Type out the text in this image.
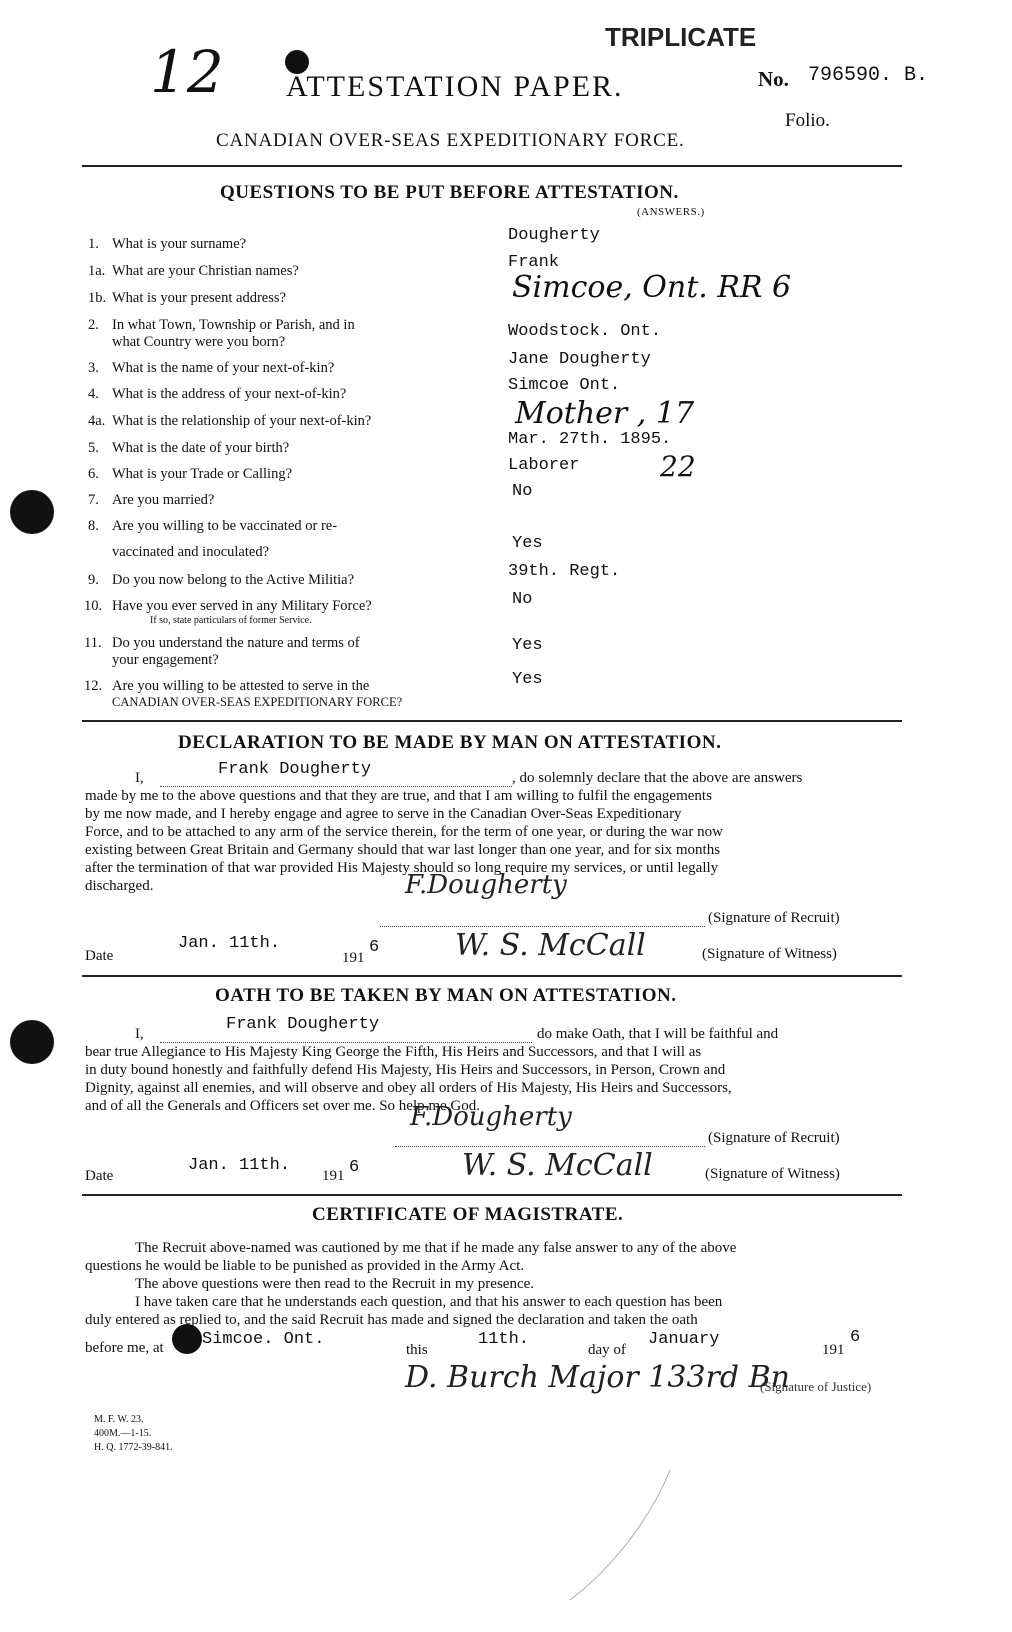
12
TRIPLICATE
ATTESTATION PAPER.	No. 796590. B.
Folio.
CANADIAN OVER-SEAS EXPEDITIONARY FORCE.
QUESTIONS TO BE PUT BEFORE ATTESTATION.
(ANSWERS.)
1. What is your surname?	Dougherty
1a. What are your Christian names?	Frank
1b. What is your present address?	Simcoe, Ont. RR 6
2. In what Town, Township or Parish, and in
what Country were you born?
Woodstock. Ont.
3. What is the name of your next-of-kin?	Jane Dougherty
4. What is the address of your next-of-kin?	Simcoe Ont.
4a. What is the relationship of your next-of-kin?	Mother , 17
5. What is the date of your birth?	Mar. 27th. 1895.
6. What is your Trade or Calling?	Laborer	22
7. Are you married?	No
8. Are you willing to be vaccinated or re-
vaccinated and inoculated?	Yes
9. Do you now belong to the Active Militia?	39th. Regt.
10. Have you ever served in any Military Force?
If so, state particulars of former Service.
No
11. Do you understand the nature and terms of
your engagement?
Yes
12. Are you willing to be attested to serve in the
CANADIAN OVER-SEAS EXPEDITIONARY FORCE?
Yes
DECLARATION TO BE MADE BY MAN ON ATTESTATION.
I,	Frank Dougherty	, do solemnly declare that the above are answers
made by me to the above questions and that they are true, and that I am willing to fulfil the engagements
by me now made, and I hereby engage and agree to serve in the Canadian Over-Seas Expeditionary
Force, and to be attached to any arm of the service therein, for the term of one year, or during the war now
existing between Great Britain and Germany should that war last longer than one year, and for six months
after the termination of that war provided His Majesty should so long require my services, or until legally
discharged.	F.Dougherty
(Signature of Recruit)
Date
Jan. 11th.
191
6	W. S. McCall	(Signature of Witness)
OATH TO BE TAKEN BY MAN ON ATTESTATION.
I,	Frank Dougherty	do make Oath, that I will be faithful and
bear true Allegiance to His Majesty King George the Fifth, His Heirs and Successors, and that I will as
in duty bound honestly and faithfully defend His Majesty, His Heirs and Successors, in Person, Crown and
Dignity, against all enemies, and will observe and obey all orders of His Majesty, His Heirs and Successors,
and of all the Generals and Officers set over me. So help me God.
F.Dougherty
(Signature of Recruit)
Date
Jan. 11th.
191 6	W. S. McCall	(Signature of Witness)
CERTIFICATE OF MAGISTRATE.
The Recruit above-named was cautioned by me that if he made any false answer to any of the above
questions he would be liable to be punished as provided in the Army Act.
The above questions were then read to the Recruit in my presence.
I have taken care that he understands each question, and that his answer to each question has been
duly entered as replied to, and the said Recruit has made and signed the declaration and taken the oath
before me, at Simcoe. Ont.
this
11th.
day of
January
191
6
D. Burch Major 133rd Bn
(Signature of Justice)
M. F. W. 23.
400M.—1-15.
H. Q. 1772-39-841.
